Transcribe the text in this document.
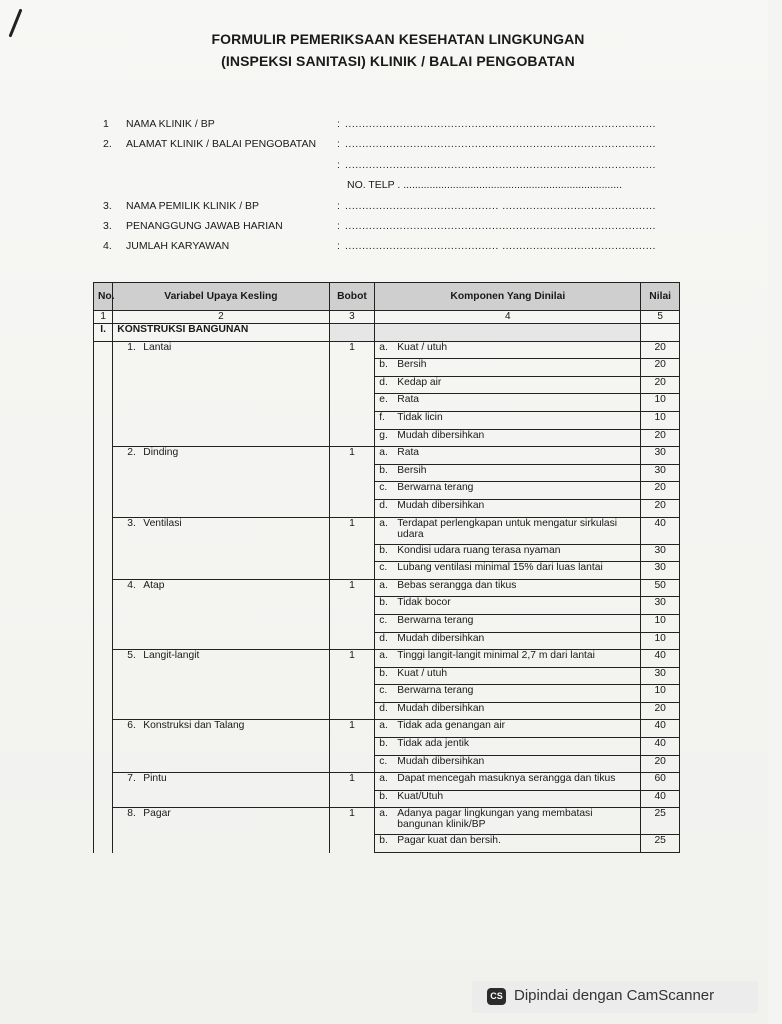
FORMULIR PEMERIKSAAN KESEHATAN LINGKUNGAN
(INSPEKSI SANITASI) KLINIK / BALAI PENGOBATAN
1 NAMA KLINIK / BP	: ...........................................................................................
2. ALAMAT KLINIK / BALAI PENGOBATAN : ...........................................................................................
: ...........................................................................................
3. NAMA PEMILIK KLINIK / BP	: ............................................. .............................................
3. PENANGGUNG JAWAB HARIAN	: ...........................................................................................
4. JUMLAH KARYAWAN	: ............................................. .............................................
NO. TELP . ...........................................................................
No.	Variabel Upaya Kesling	Bobot	Komponen Yang Dinilai	Nilai
1	2	3	4	5
I.	KONSTRUKSI BANGUNAN			
	1. Lantai	1	a. Kuat / utuh	20
			b. Bersih	20
			d. Kedap air	20
			e. Rata	10
			f. Tidak licin	10
			g. Mudah dibersihkan	20
	2. Dinding	1	a. Rata	30
			b. Bersih	30
			c. Berwarna terang	20
			d. Mudah dibersihkan	20
	3. Ventilasi	1	a. Terdapat perlengkapan untuk mengatur sirkulasi udara	40
			b. Kondisi udara ruang terasa nyaman	30
			c. Lubang ventilasi minimal 15% dari luas lantai	30
	4. Atap	1	a. Bebas serangga dan tikus	50
			b. Tidak bocor	30
			c. Berwarna terang	10
			d. Mudah dibersihkan	10
	5. Langit-langit	1	a. Tinggi langit-langit minimal 2,7 m dari lantai	40
			b. Kuat / utuh	30
			c. Berwarna terang	10
			d. Mudah dibersihkan	20
	6. Konstruksi dan Talang	1	a. Tidak ada genangan air	40
			b. Tidak ada jentik	40
			c. Mudah dibersihkan	20
	7. Pintu	1	a. Dapat mencegah masuknya serangga dan tikus	60
			b. Kuat/Utuh	40
	8. Pagar	1	a. Adanya pagar lingkungan yang membatasi bangunan klinik/BP	25
			b. Pagar kuat dan bersih.	25
CS Dipindai dengan CamScanner
